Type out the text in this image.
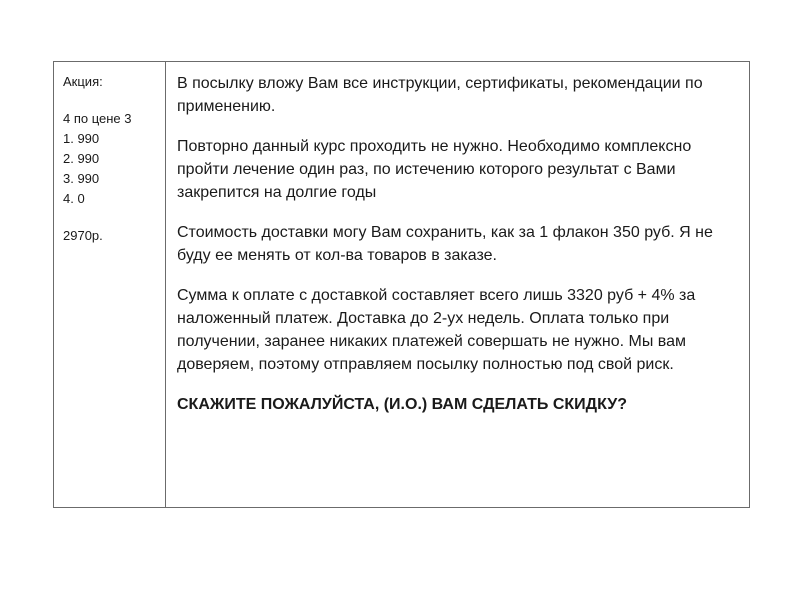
Акция:
4 по цене 3
1. 990
2. 990
3. 990
4. 0
2970р.

В посылку вложу Вам все инструкции, сертификаты, рекомендации по применению.

Повторно данный курс проходить не нужно. Необходимо комплексно пройти лечение один раз, по истечению которого результат с Вами закрепится на долгие годы

Стоимость доставки могу Вам сохранить, как за 1 флакон 350 руб. Я не буду ее менять от кол-ва товаров в заказе.

Сумма к оплате с доставкой составляет всего лишь 3320 руб + 4% за наложенный платеж. Доставка до 2-ух недель. Оплата только при получении, заранее никаких платежей совершать не нужно. Мы вам доверяем, поэтому отправляем посылку полностью под свой риск.

СКАЖИТЕ ПОЖАЛУЙСТА, (И.О.) ВАМ СДЕЛАТЬ СКИДКУ?
